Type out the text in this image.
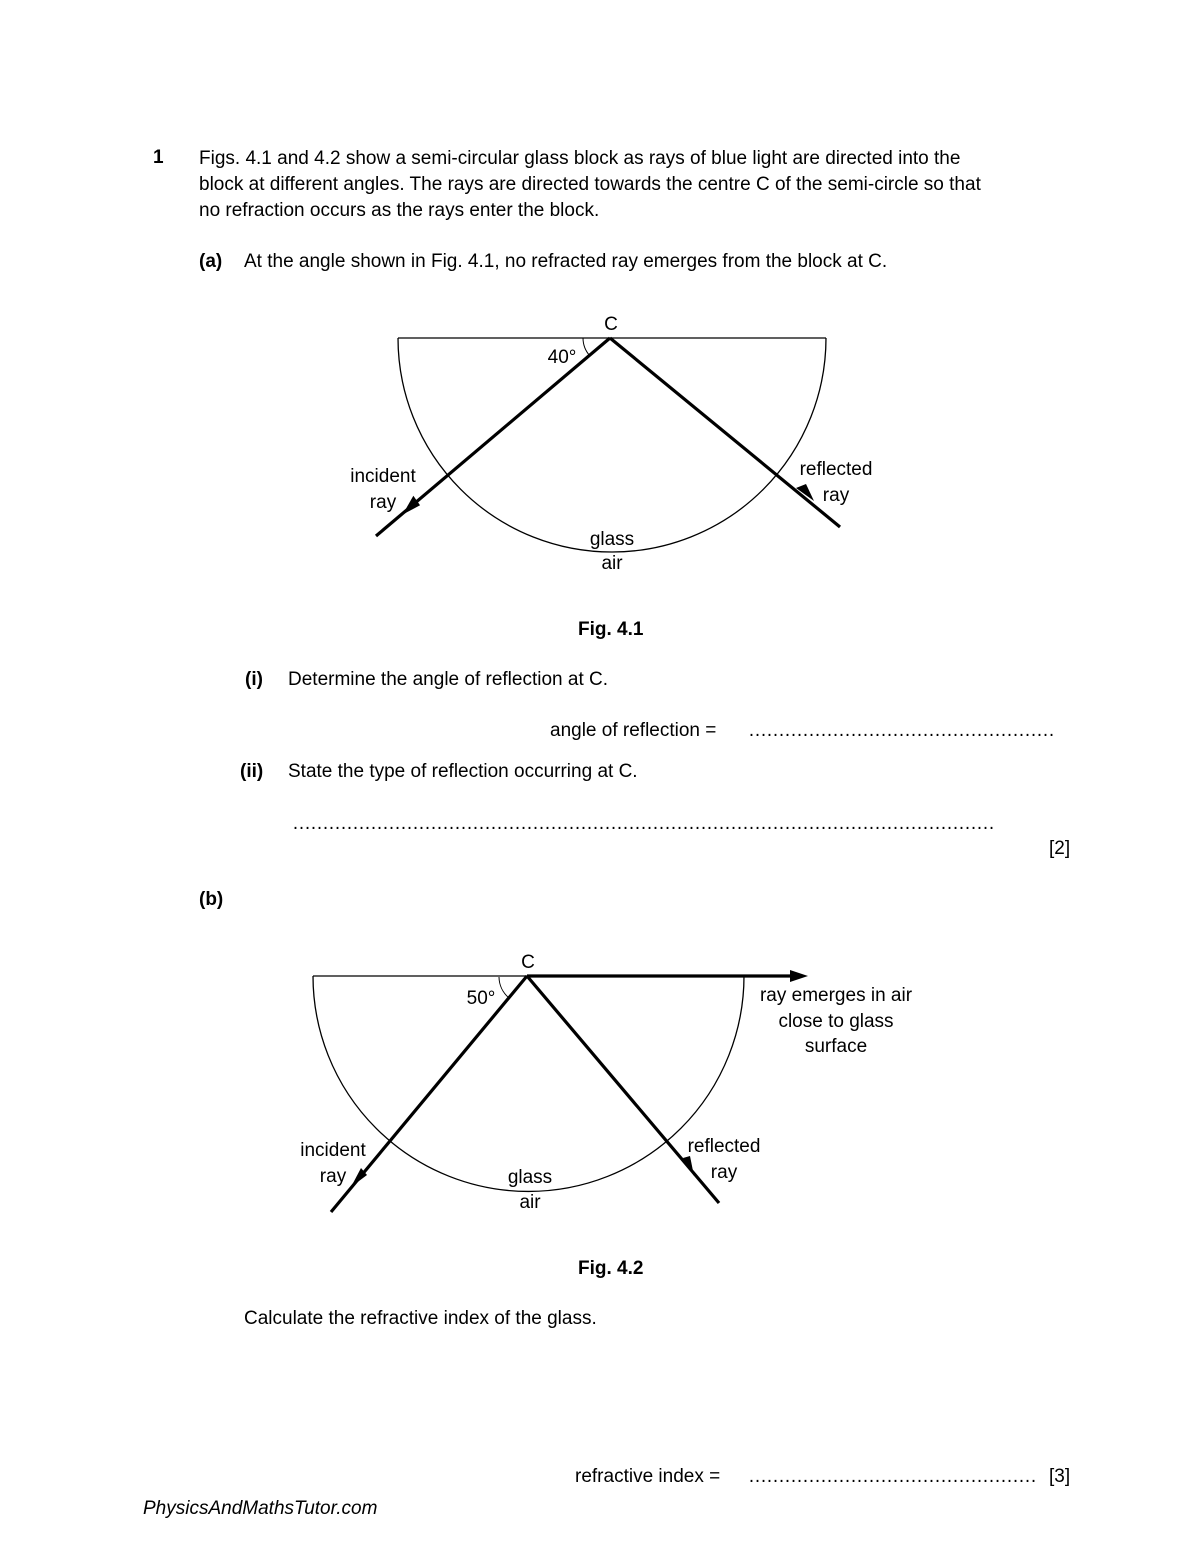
1 Figs. 4.1 and 4.2 show a semi-circular glass block as rays of blue light are directed into the
block at different angles. The rays are directed towards the centre C of the semi-circle so that
no refraction occurs as the rays enter the block.
(a) At the angle shown in Fig. 4.1, no refracted ray emerges from the block at C.
C
40°
incident
ray
reflected
ray
glass
air
Fig. 4.1
(i) Determine the angle of reflection at C.
angle of reflection = ……………………………………………
(ii) State the type of reflection occurring at C.
………………………………………………………………………………………………………
[2]
(b)
C
50°	ray emerges in air
close to glass
surface
incident
ray
reflected
ray
glass
air
Fig. 4.2
Calculate the refractive index of the glass.
refractive index = ………………………………………… [3]
PhysicsAndMathsTutor.com
